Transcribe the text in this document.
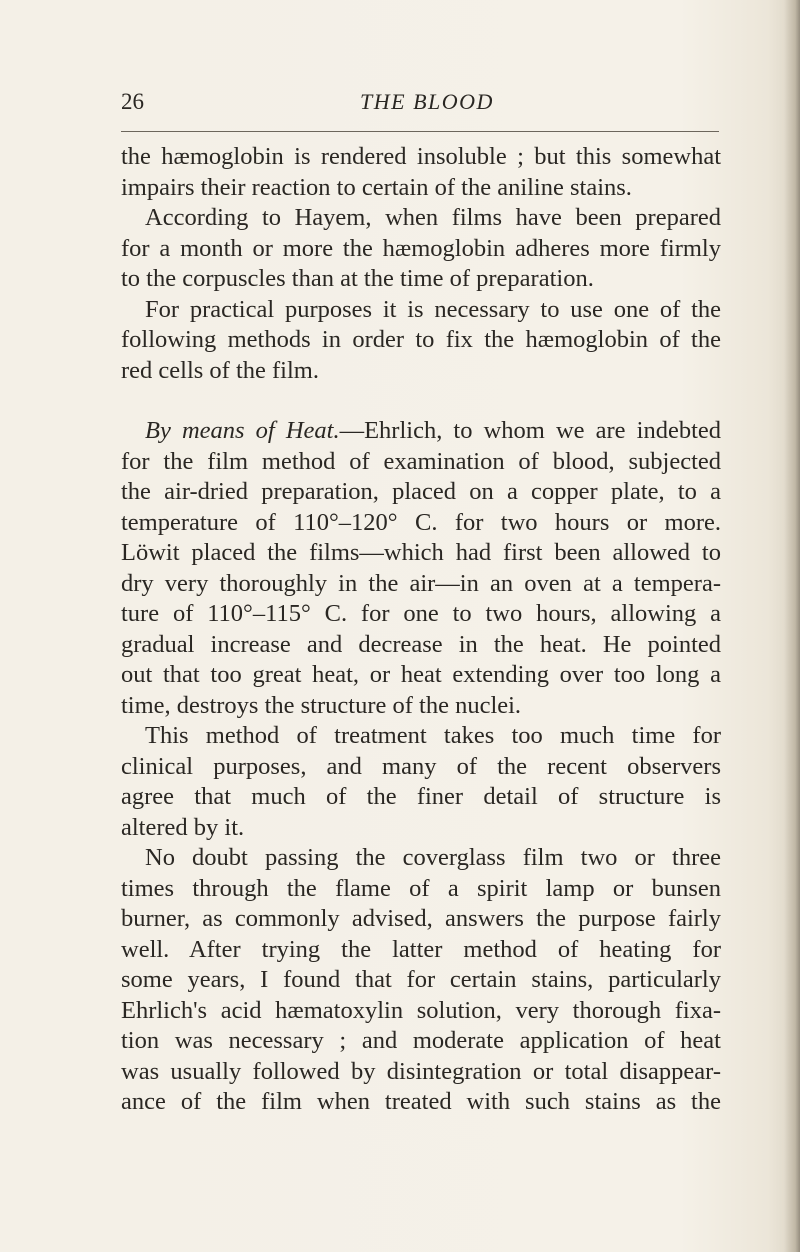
26	THE BLOOD
the hæmoglobin is rendered insoluble ; but this somewhat
impairs their reaction to certain of the aniline stains.
According to Hayem, when films have been prepared
for a month or more the hæmoglobin adheres more firmly
to the corpuscles than at the time of preparation.
For practical purposes it is necessary to use one of the
following methods in order to fix the hæmoglobin of the
red cells of the film.
By means of Heat.—Ehrlich, to whom we are indebted
for the film method of examination of blood, subjected
the air-dried preparation, placed on a copper plate, to a
temperature of 110°–120° C. for two hours or more.
Löwit placed the films—which had first been allowed to
dry very thoroughly in the air—in an oven at a tempera-
ture of 110°–115° C. for one to two hours, allowing a
gradual increase and decrease in the heat. He pointed
out that too great heat, or heat extending over too long a
time, destroys the structure of the nuclei.
This method of treatment takes too much time for
clinical purposes, and many of the recent observers
agree that much of the finer detail of structure is
altered by it.
No doubt passing the coverglass film two or three
times through the flame of a spirit lamp or bunsen
burner, as commonly advised, answers the purpose fairly
well. After trying the latter method of heating for
some years, I found that for certain stains, particularly
Ehrlich's acid hæmatoxylin solution, very thorough fixa-
tion was necessary ; and moderate application of heat
was usually followed by disintegration or total disappear-
ance of the film when treated with such stains as the
